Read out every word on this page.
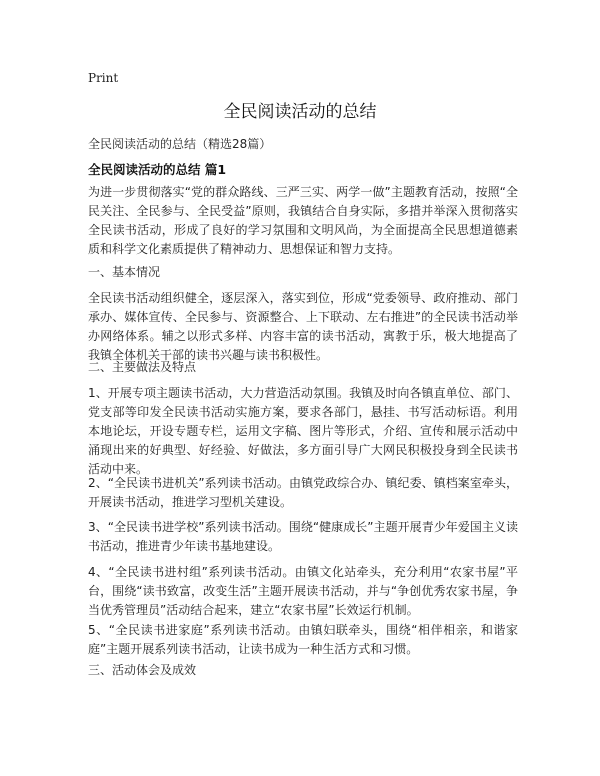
Print
全民阅读活动的总结
全民阅读活动的总结（精选28篇）
全民阅读活动的总结 篇1

为进一步贯彻落实“党的群众路线、三严三实、两学一做”主题教育活动，按照“全民关注、全民参与、全民受益”原则，我镇结合自身实际，多措并举深入贯彻落实全民读书活动，形成了良好的学习氛围和文明风尚，为全面提高全民思想道德素质和科学文化素质提供了精神动力、思想保证和智力支持。

一、基本情况

全民读书活动组织健全，逐层深入，落实到位，形成“党委领导、政府推动、部门承办、媒体宣传、全民参与、资源整合、上下联动、左右推进”的全民读书活动举办网络体系。辅之以形式多样、内容丰富的读书活动，寓教于乐，极大地提高了我镇全体机关干部的读书兴趣与读书积极性。

二、主要做法及特点

1、开展专项主题读书活动，大力营造活动氛围。我镇及时向各镇直单位、部门、党支部等印发全民读书活动实施方案，要求各部门，悬挂、书写活动标语。利用本地论坛，开设专题专栏，运用文字稿、图片等形式，介绍、宣传和展示活动中涌现出来的好典型、好经验、好做法，多方面引导广大网民积极投身到全民读书活动中来。

2、“全民读书进机关”系列读书活动。由镇党政综合办、镇纪委、镇档案室牵头，开展读书活动，推进学习型机关建设。

3、“全民读书进学校”系列读书活动。围绕“健康成长”主题开展青少年爱国主义读书活动，推进青少年读书基地建设。

4、“全民读书进村组”系列读书活动。由镇文化站牵头，充分利用“农家书屋”平台，围绕“读书致富，改变生活”主题开展读书活动，并与“争创优秀农家书屋，争当优秀管理员”活动结合起来，建立“农家书屋”长效运行机制。

5、“全民读书进家庭”系列读书活动。由镇妇联牵头，围绕“相伴相亲，和谐家庭”主题开展系列读书活动，让读书成为一种生活方式和习惯。

三、活动体会及成效
